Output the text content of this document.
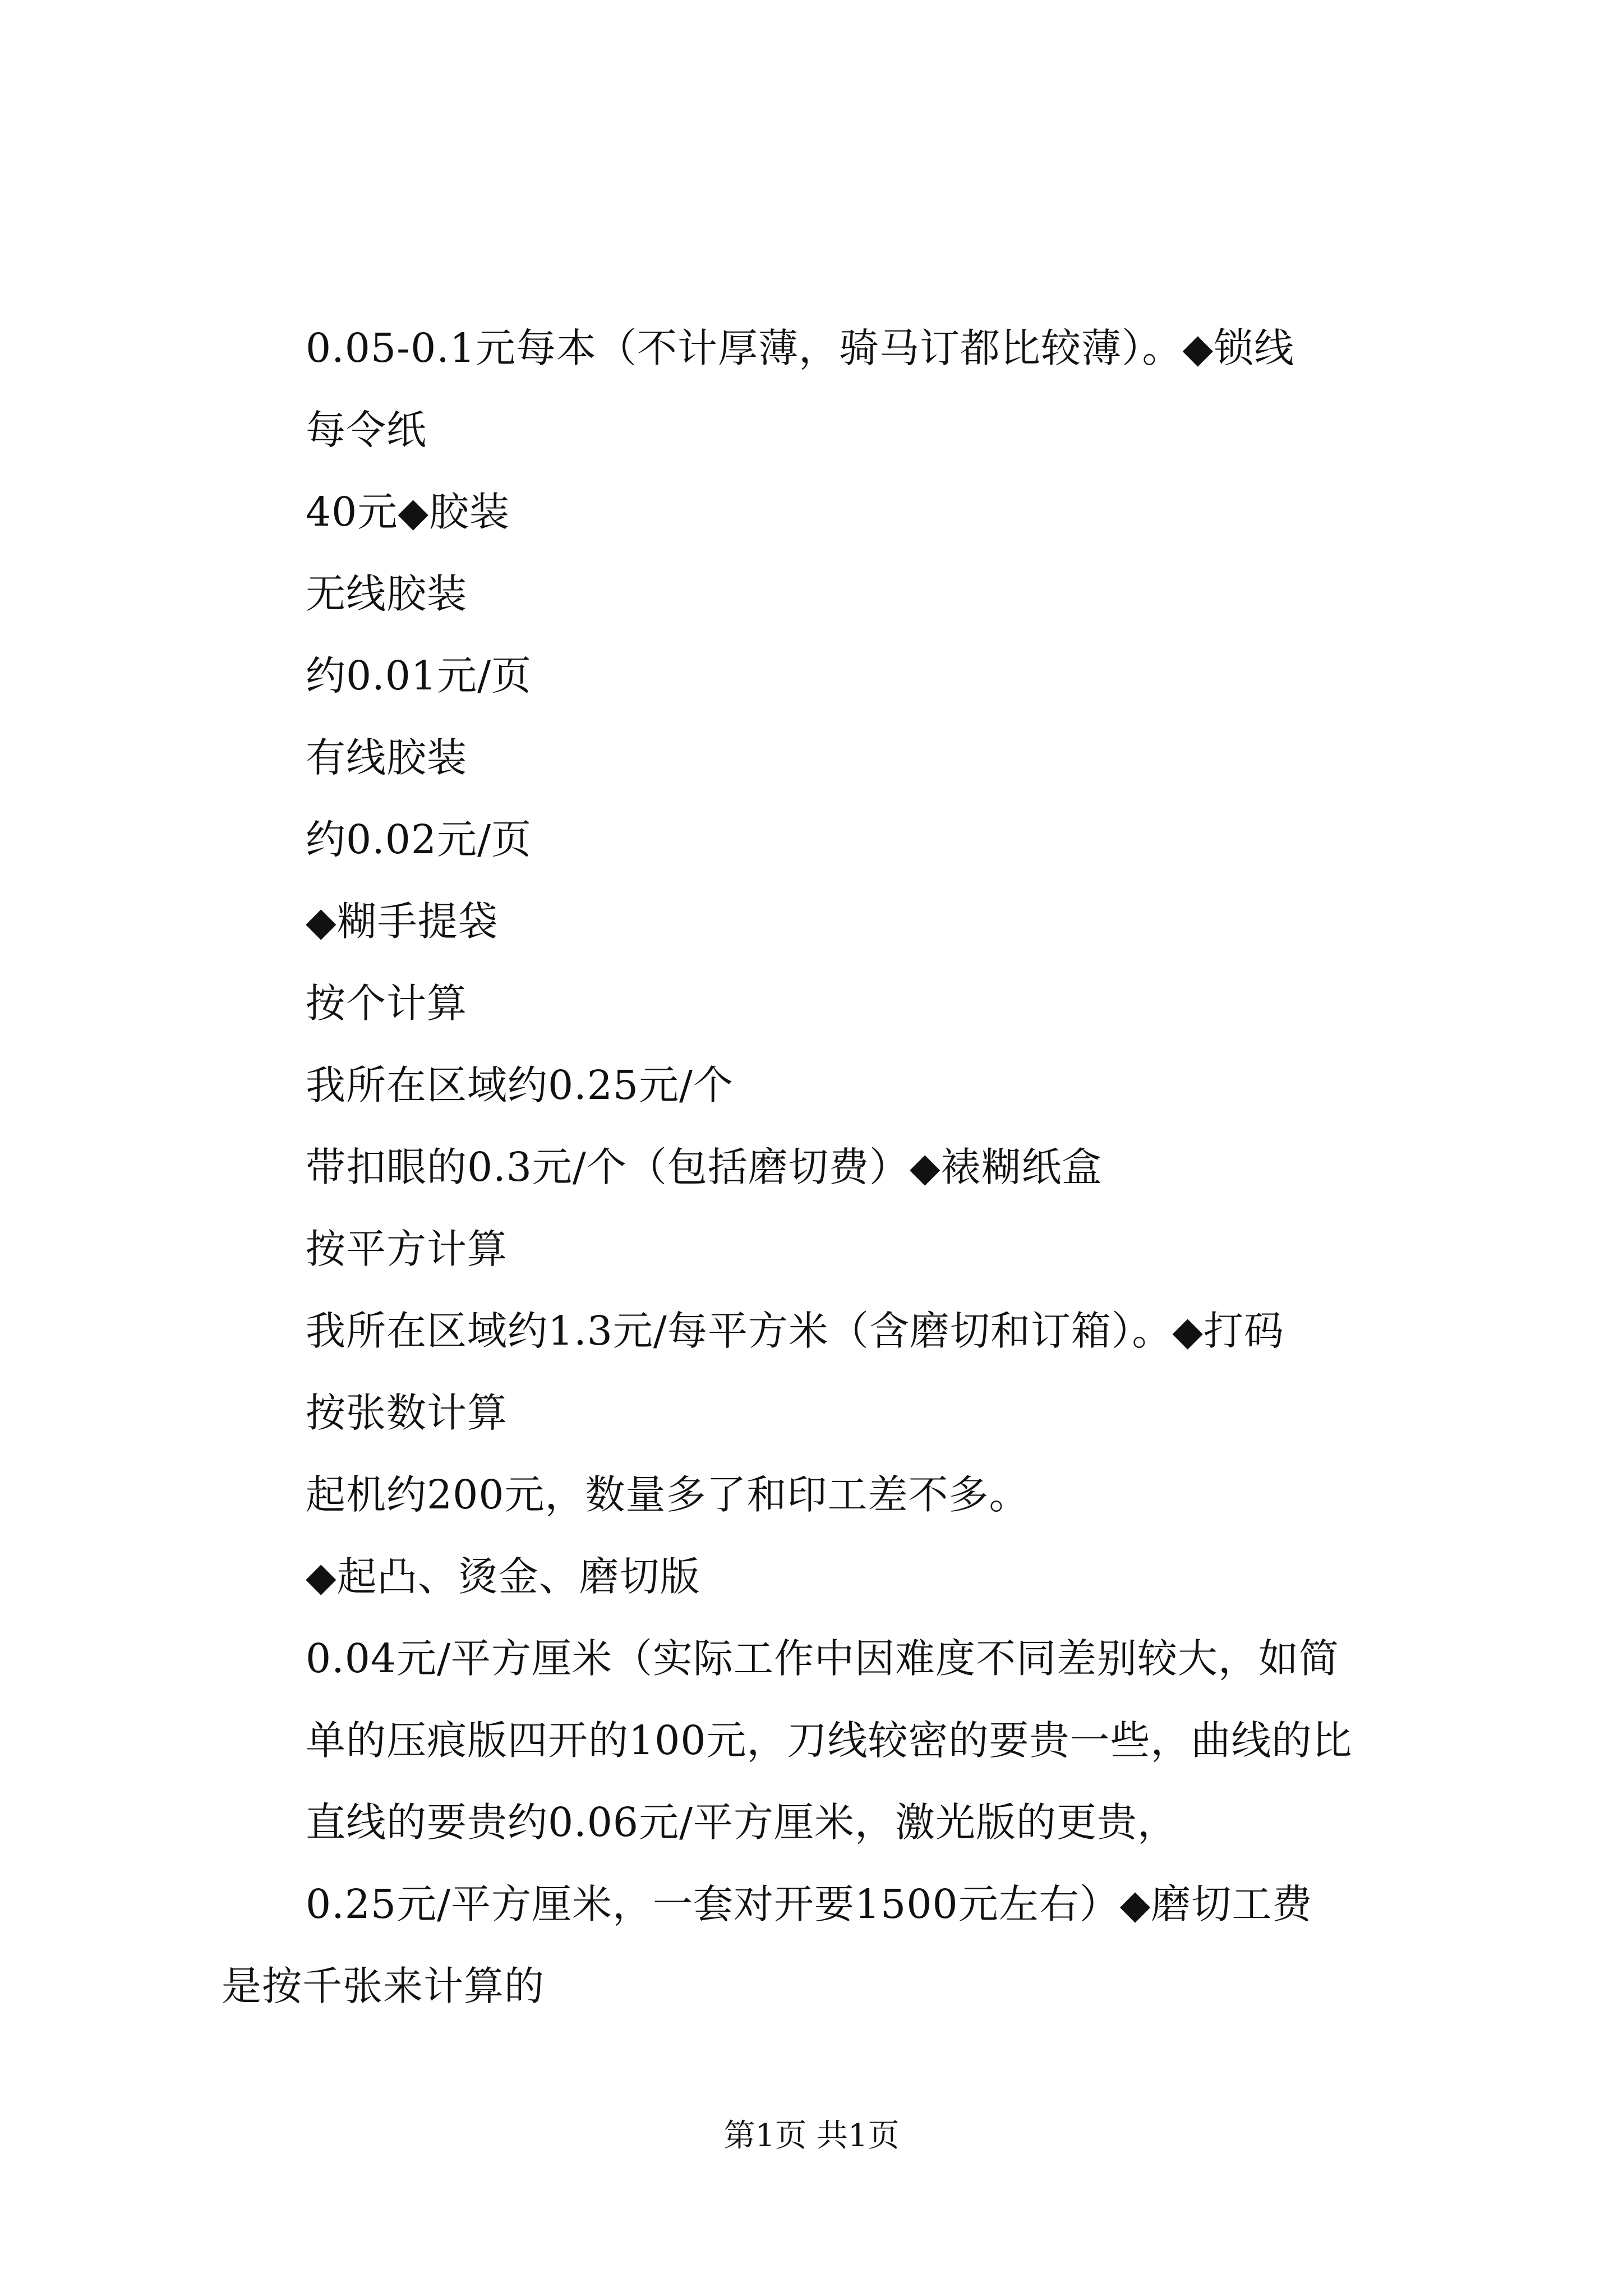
0.05-0.1元每本（不计厚薄，骑马订都比较薄）。◆锁线
每令纸
40元◆胶装
无线胶装
约0.01元/页
有线胶装
约0.02元/页
◆糊手提袋
按个计算
我所在区域约0.25元/个
带扣眼的0.3元/个（包括磨切费）◆裱糊纸盒
按平方计算
我所在区域约1.3元/每平方米（含磨切和订箱）。◆打码
按张数计算
起机约200元，数量多了和印工差不多。
◆起凸、烫金、磨切版
0.04元/平方厘米（实际工作中因难度不同差别较大，如简
单的压痕版四开的100元，刀线较密的要贵一些，曲线的比
直线的要贵约0.06元/平方厘米，激光版的更贵，
0.25元/平方厘米，一套对开要1500元左右）◆磨切工费
是按千张来计算的
第1页 共1页
